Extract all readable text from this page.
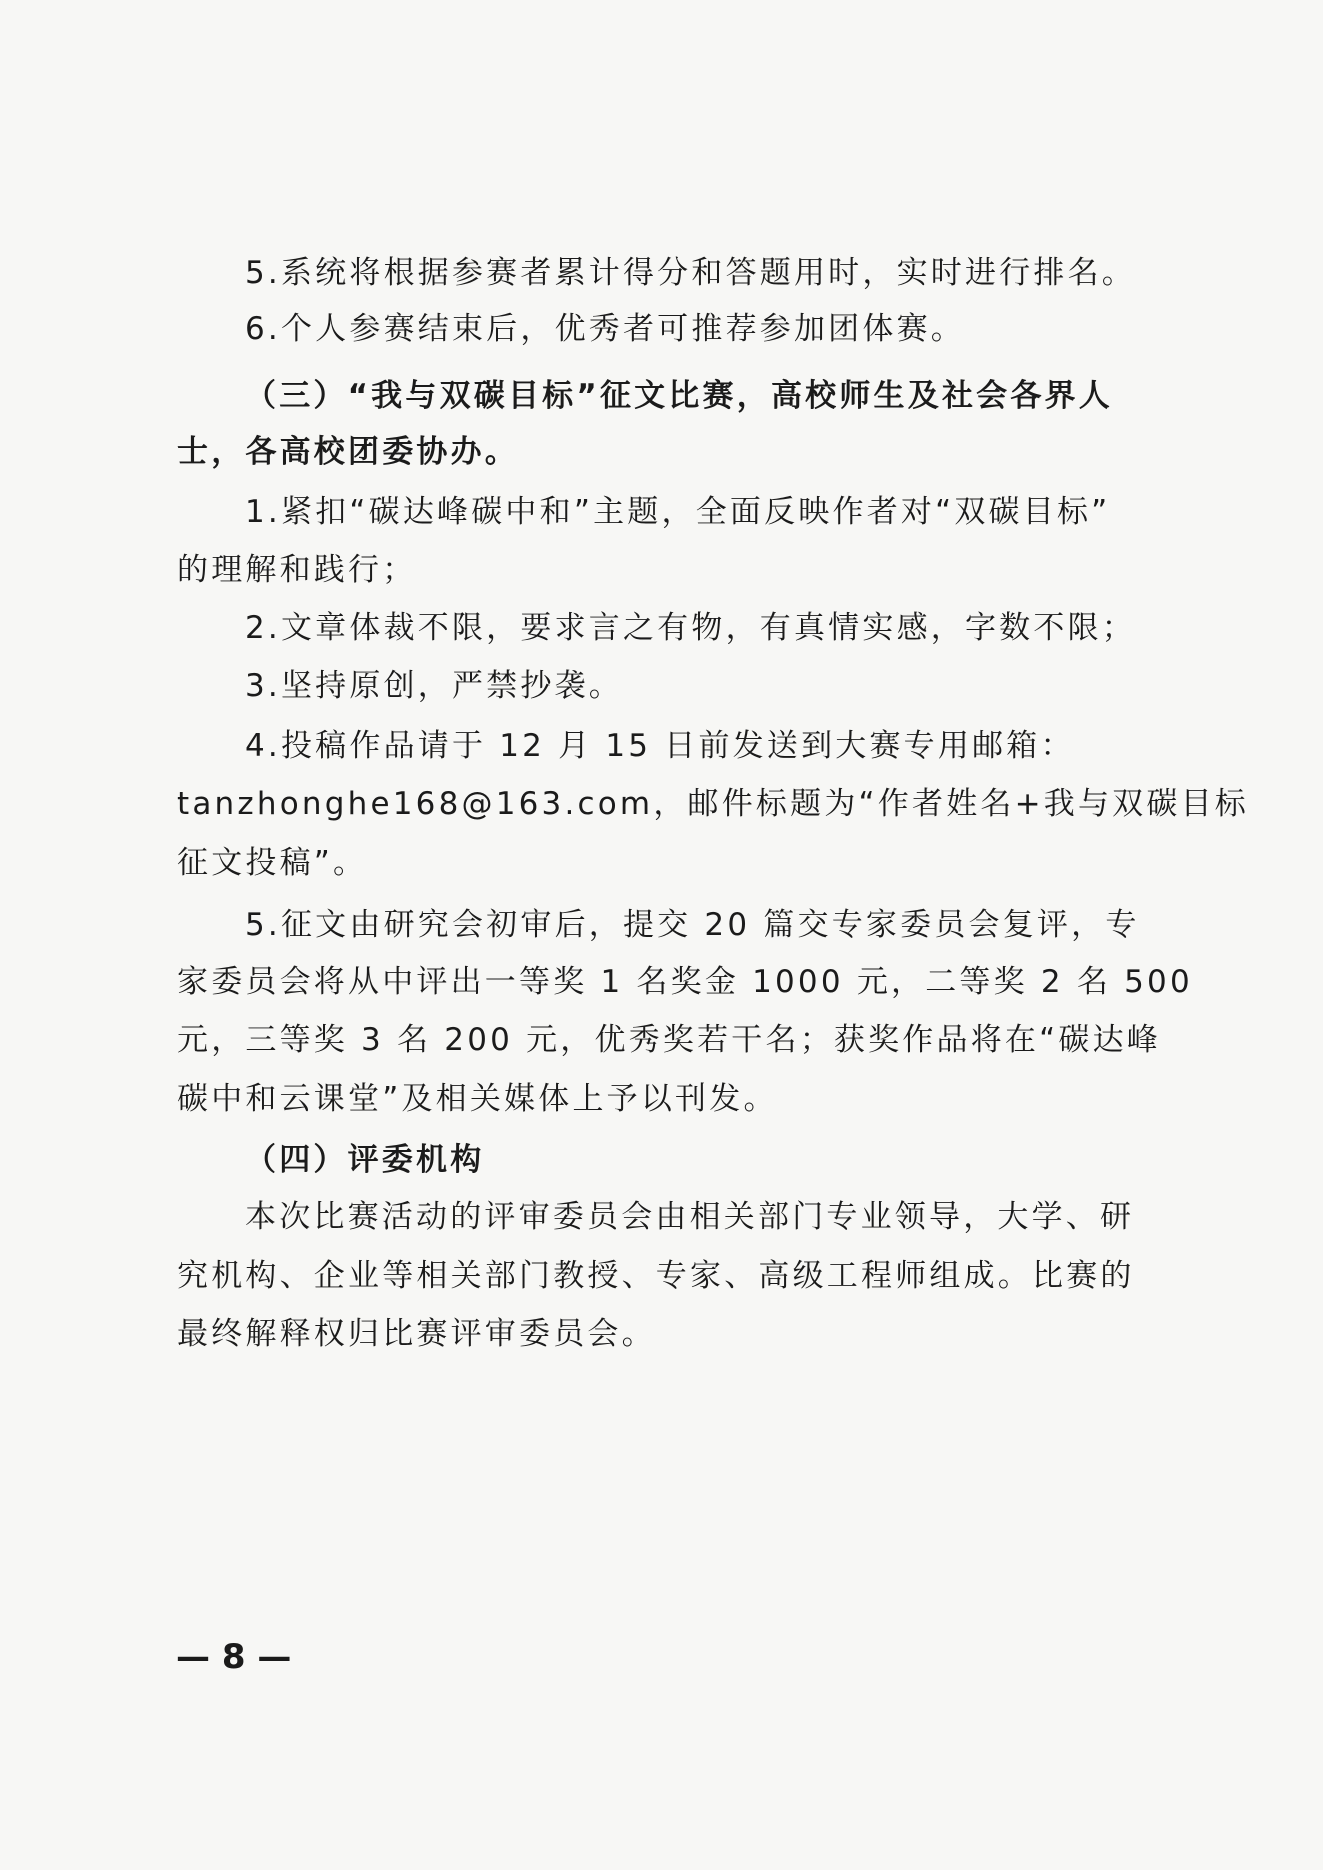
5.系统将根据参赛者累计得分和答题用时，实时进行排名。
6.个人参赛结束后，优秀者可推荐参加团体赛。
（三）“我与双碳目标”征文比赛，高校师生及社会各界人
士，各高校团委协办。
1.紧扣“碳达峰碳中和”主题，全面反映作者对“双碳目标”
的理解和践行；
2.文章体裁不限，要求言之有物，有真情实感，字数不限；
3.坚持原创，严禁抄袭。
4.投稿作品请于 12 月 15 日前发送到大赛专用邮箱：
tanzhonghe168@163.com，邮件标题为“作者姓名+我与双碳目标
征文投稿”。
5.征文由研究会初审后，提交 20 篇交专家委员会复评，专
家委员会将从中评出一等奖 1 名奖金 1000 元，二等奖 2 名 500
元，三等奖 3 名 200 元，优秀奖若干名；获奖作品将在“碳达峰
碳中和云课堂”及相关媒体上予以刊发。
（四）评委机构
本次比赛活动的评审委员会由相关部门专业领导，大学、研
究机构、企业等相关部门教授、专家、高级工程师组成。比赛的
最终解释权归比赛评审委员会。
— 8 —
